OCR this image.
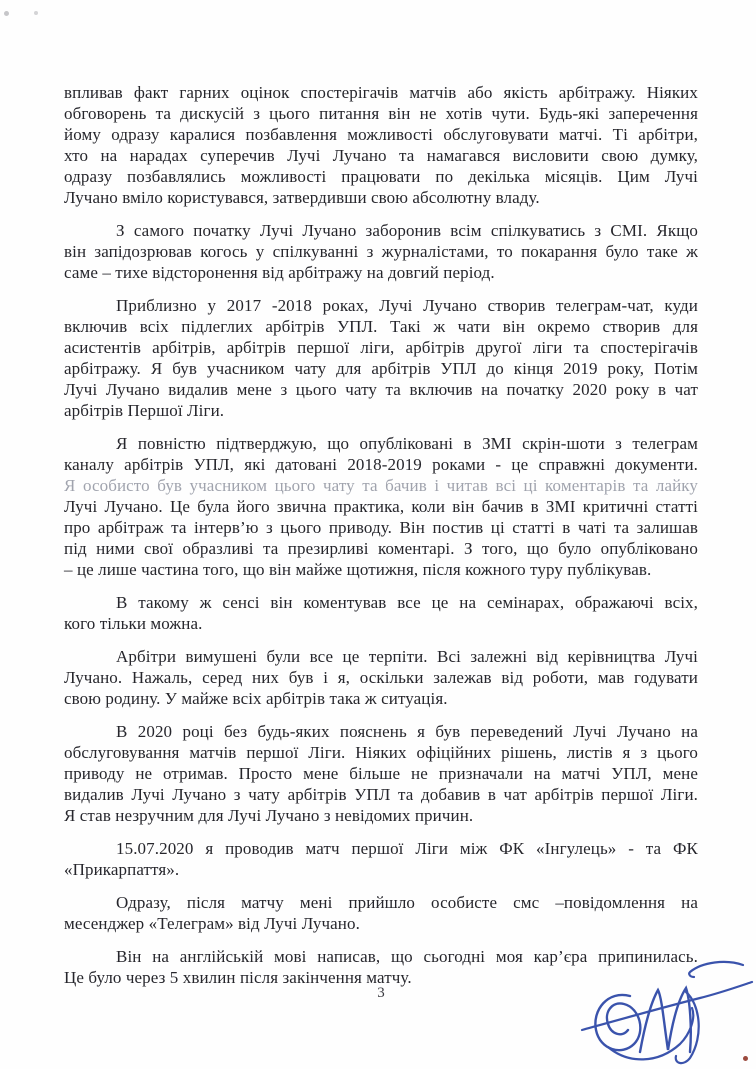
впливав факт гарних оцінок спостерігачів матчів або якість арбітражу. Ніяких
обговорень та дискусій з цього питання він не хотів чути. Будь-які заперечення
йому одразу каралися позбавлення можливості обслуговувати матчі. Ті арбітри,
хто на нарадах суперечив Лучі Лучано та намагався висловити свою думку,
одразу позбавлялись можливості працювати по декілька місяців. Цим Лучі
Лучано вміло користувався, затвердивши свою абсолютну владу.
З самого початку Лучі Лучано заборонив всім спілкуватись з СМІ. Якщо
він запідозрював когось у спілкуванні з журналістами, то покарання було таке ж
саме – тихе відсторонення від арбітражу на довгий період.
Приблизно у 2017 -2018 роках, Лучі Лучано створив телеграм-чат, куди
включив всіх підлеглих арбітрів УПЛ. Такі ж чати він окремо створив для
асистентів арбітрів, арбітрів першої ліги, арбітрів другої ліги та спостерігачів
арбітражу. Я був учасником чату для арбітрів УПЛ до кінця 2019 року, Потім
Лучі Лучано видалив мене з цього чату та включив на початку 2020 року в чат
арбітрів Першої Ліги.
Я повністю підтверджую, що опубліковані в ЗМІ скрін-шоти з телеграм
каналу арбітрів УПЛ, які датовані 2018-2019 роками - це справжні документи.
Я особисто був учасником цього чату та бачив і читав всі ці коментарів та лайку
Лучі Лучано. Це була його звична практика, коли він бачив в ЗМІ критичні статті
про арбітраж та інтерв’ю з цього приводу. Він постив ці статті в чаті та залишав
під ними свої образливі та презирливі коментарі. З того, що було опубліковано
– це лише частина того, що він майже щотижня, після кожного туру публікував.
В такому ж сенсі він коментував все це на семінарах, ображаючі всіх,
кого тільки можна.
Арбітри вимушені були все це терпіти. Всі залежні від керівництва Лучі
Лучано. Нажаль, серед них був і я, оскільки залежав від роботи, мав годувати
свою родину. У майже всіх арбітрів така ж ситуація.
В 2020 році без будь-яких пояснень я був переведений Лучі Лучано на
обслуговування матчів першої Ліги. Ніяких офіційних рішень, листів я з цього
приводу не отримав. Просто мене більше не призначали на матчі УПЛ, мене
видалив Лучі Лучано з чату арбітрів УПЛ та добавив в чат арбітрів першої Ліги.
Я став незручним для Лучі Лучано з невідомих причин.
15.07.2020 я проводив матч першої Ліги між ФК «Інгулець» - та ФК
«Прикарпаття».
Одразу, після матчу мені прийшло особисте смс –повідомлення на
месенджер «Телеграм» від Лучі Лучано.
Він на англійській мові написав, що сьогодні моя кар’єра припинилась.
Це було через 5 хвилин після закінчення матчу.
3
